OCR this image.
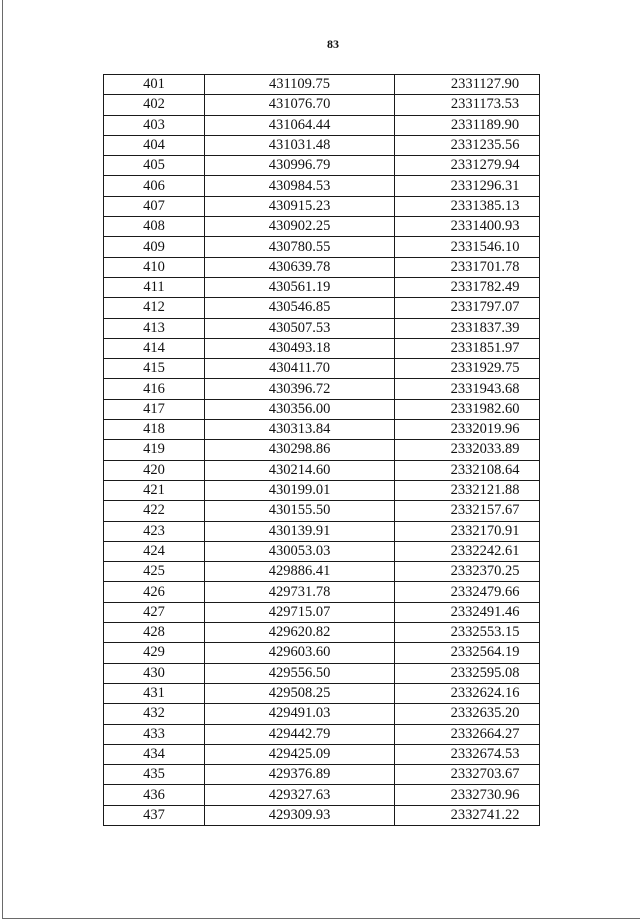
83
401	431109.75	2331127.90
402	431076.70	2331173.53
403	431064.44	2331189.90
404	431031.48	2331235.56
405	430996.79	2331279.94
406	430984.53	2331296.31
407	430915.23	2331385.13
408	430902.25	2331400.93
409	430780.55	2331546.10
410	430639.78	2331701.78
411	430561.19	2331782.49
412	430546.85	2331797.07
413	430507.53	2331837.39
414	430493.18	2331851.97
415	430411.70	2331929.75
416	430396.72	2331943.68
417	430356.00	2331982.60
418	430313.84	2332019.96
419	430298.86	2332033.89
420	430214.60	2332108.64
421	430199.01	2332121.88
422	430155.50	2332157.67
423	430139.91	2332170.91
424	430053.03	2332242.61
425	429886.41	2332370.25
426	429731.78	2332479.66
427	429715.07	2332491.46
428	429620.82	2332553.15
429	429603.60	2332564.19
430	429556.50	2332595.08
431	429508.25	2332624.16
432	429491.03	2332635.20
433	429442.79	2332664.27
434	429425.09	2332674.53
435	429376.89	2332703.67
436	429327.63	2332730.96
437	429309.93	2332741.22
